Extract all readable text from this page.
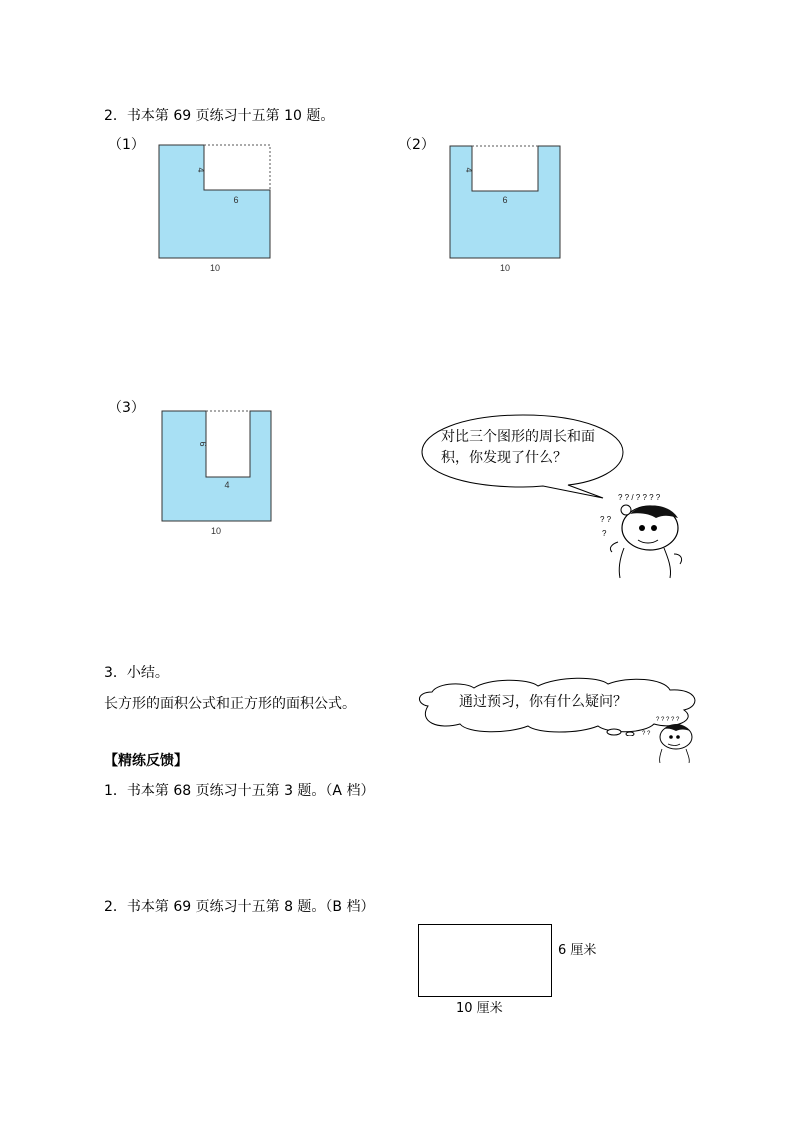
2．书本第 69 页练习十五第 10 题。
（1）
4
6
10
（2）
4
6
10
（3）
6
4
10
对比三个图形的周长和面
积，你发现了什么？
? ? / ? ? ? ?
? ?
?
3．小结。
长方形的面积公式和正方形的面积公式。	通过预习，你有什么疑问？
? ? ? ? ?
? ?
【精练反馈】
1．书本第 68 页练习十五第 3 题。（A 档）
2．书本第 69 页练习十五第 8 题。（B 档）
6 厘米
10 厘米
